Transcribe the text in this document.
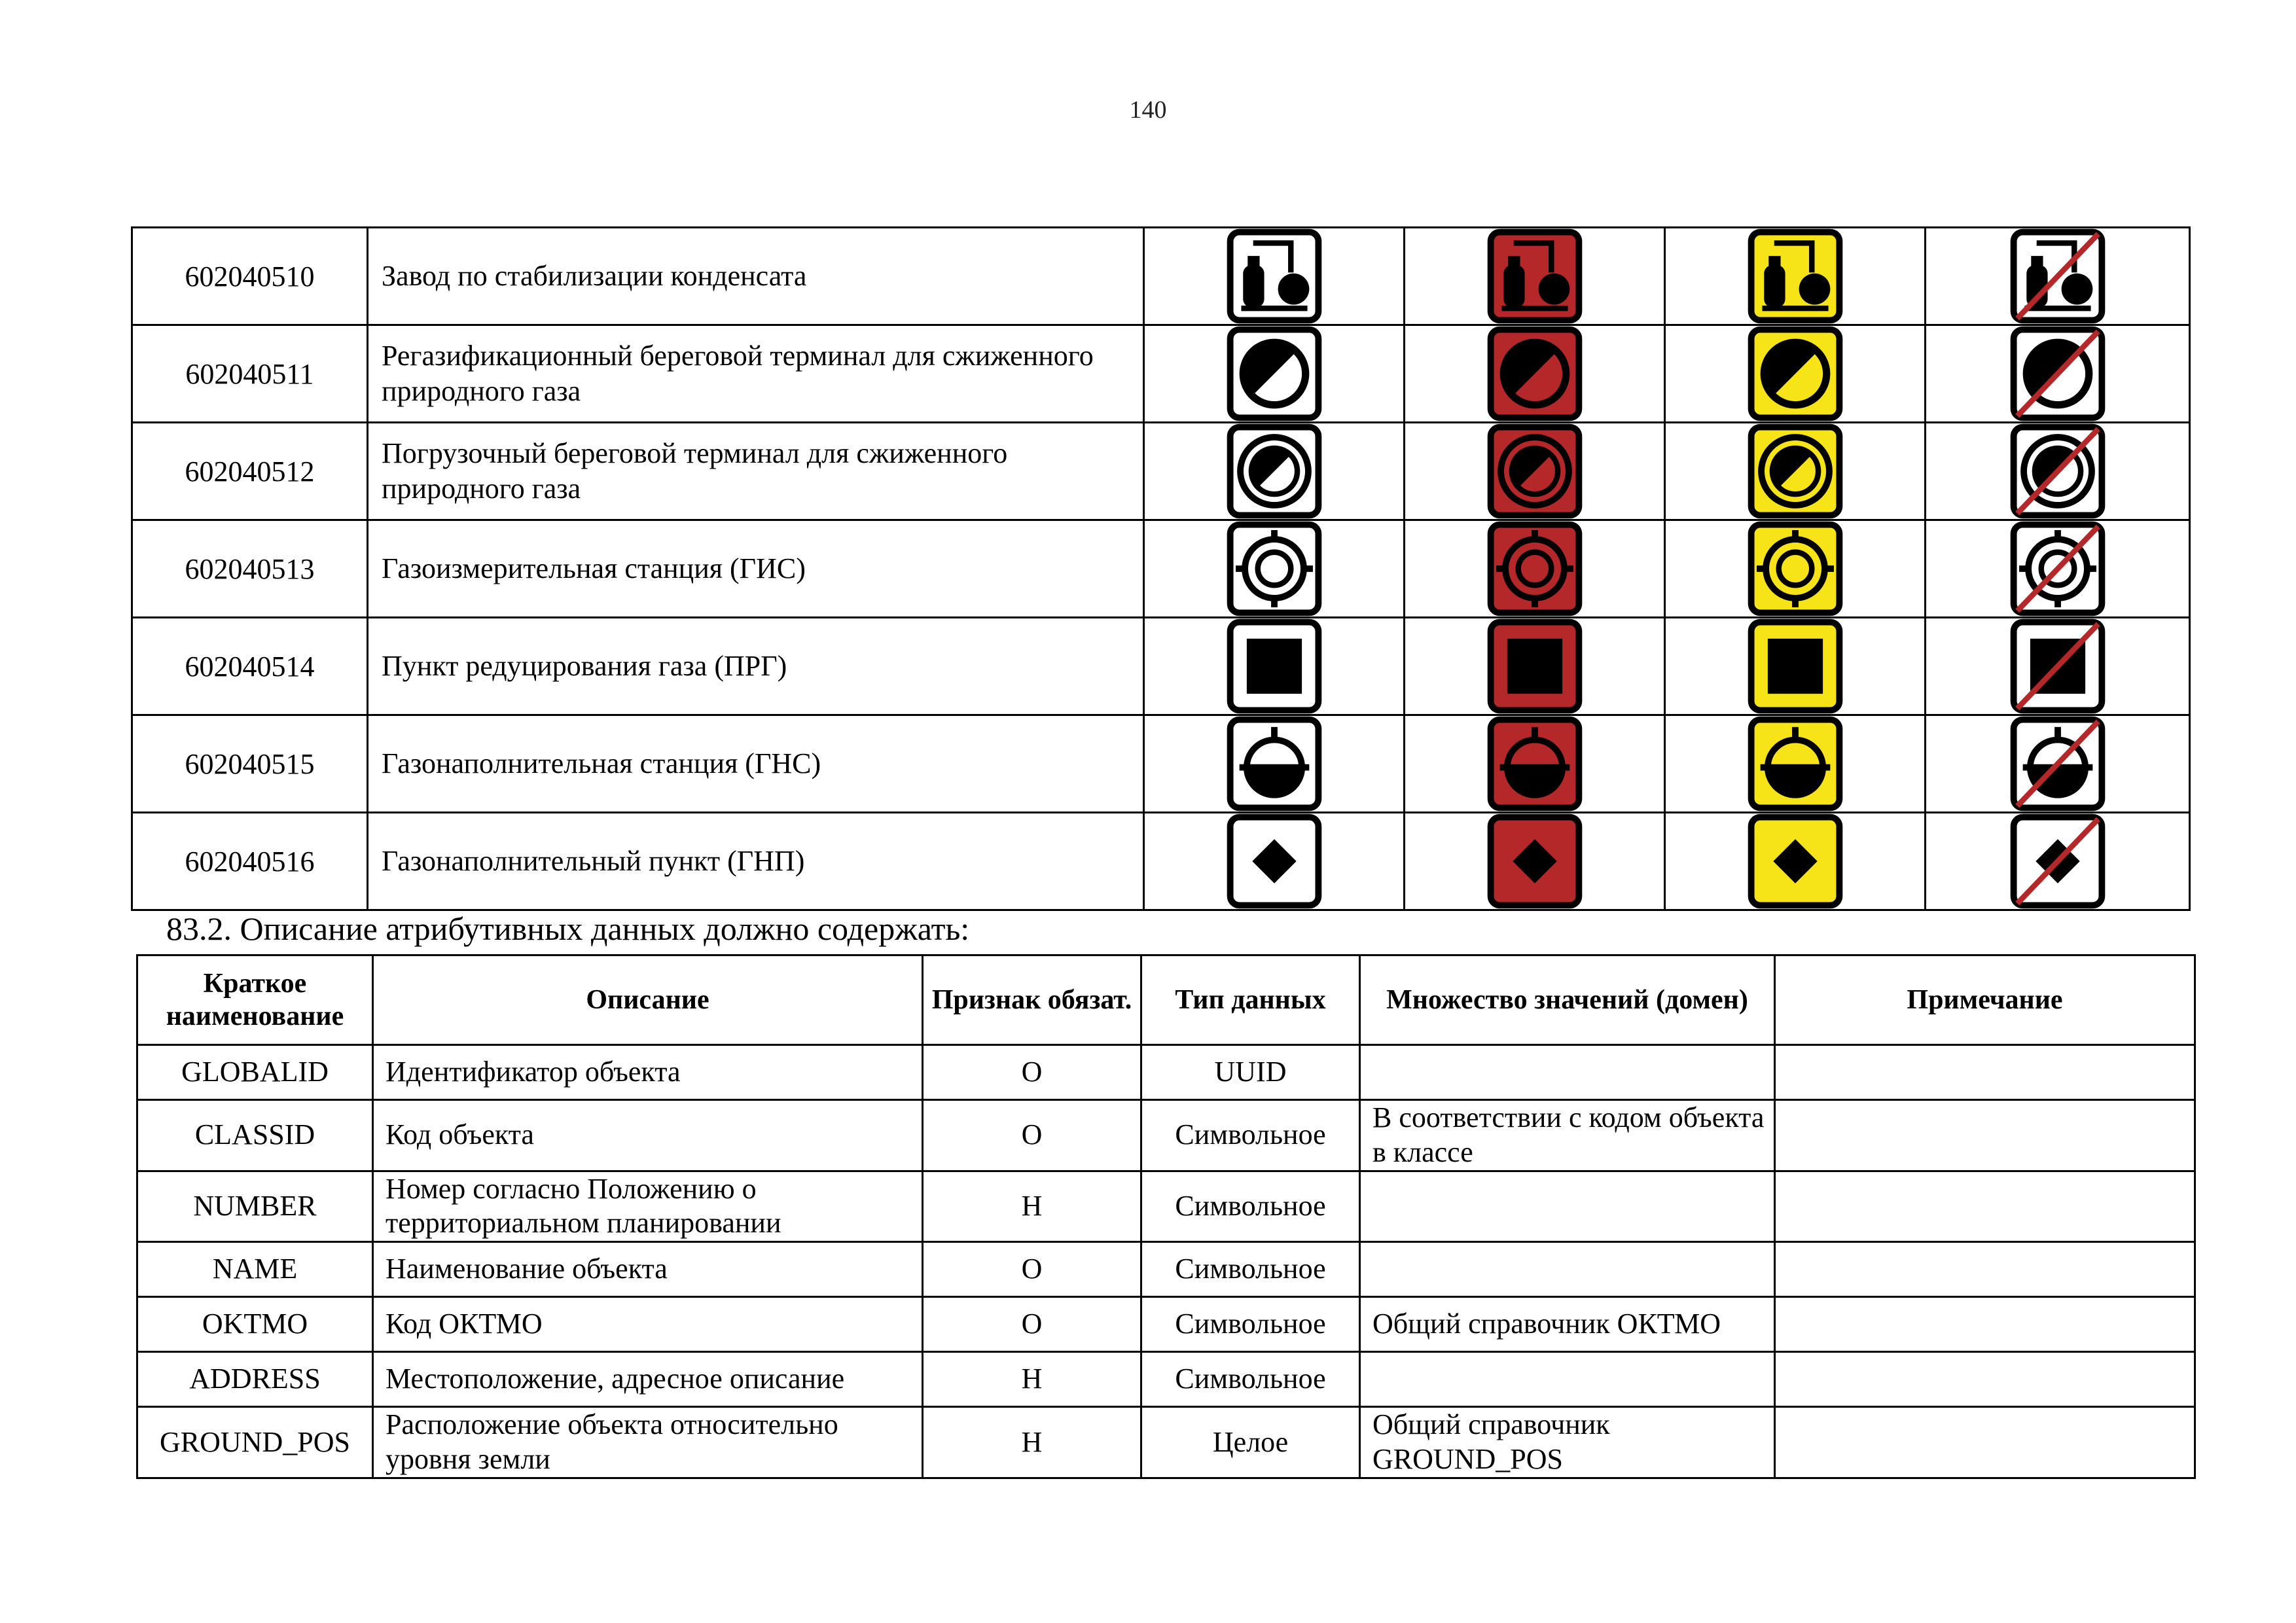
140
602040510	Завод по стабилизации конденсата	

602040511	Регазификационный береговой терминал для сжиженного природного газа	

602040512	Погрузочный береговой терминал для сжиженного природного газа	

602040513	Газоизмерительная станция (ГИС)	

602040514	Пункт редуцирования газа (ПРГ)	

602040515	Газонаполнительная станция (ГНС)	

602040516	Газонаполнительный пункт (ГНП)	

83.2. Описание атрибутивных данных должно содержать:
Краткое наименование	Описание	Признак обязат.	Тип данных	Множество значений (домен)	Примечание
GLOBALID	Идентификатор объекта	О	UUID		
CLASSID	Код объекта	О	Символьное	В соответствии с кодом объекта в классе	
NUMBER	Номер согласно Положению о территориальном планировании	Н	Символьное		
NAME	Наименование объекта	О	Символьное		
OKTMO	Код ОКТМО	О	Символьное	Общий справочник ОКТМО	
ADDRESS	Местоположение, адресное описание	Н	Символьное		
GROUND_POS	Расположение объекта относительно уровня земли	Н	Целое	Общий справочник GROUND_POS	
